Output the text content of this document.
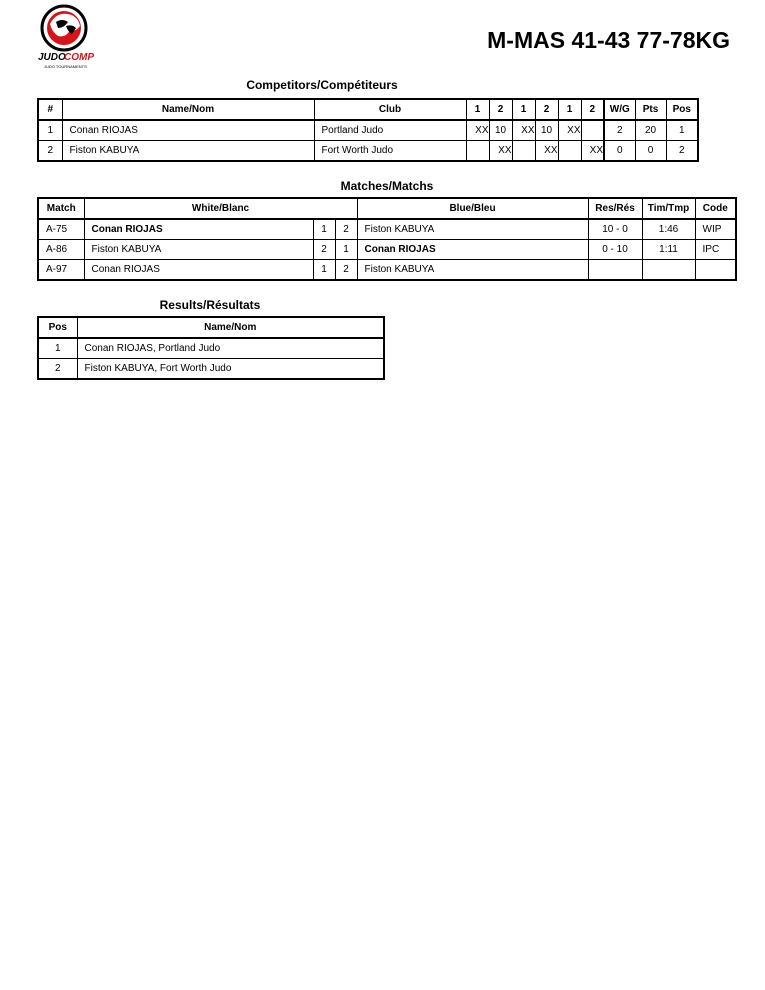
JUDO
COMP
JUDO TOURNAMENTS
M-MAS 41-43 77-78KG
Competitors/Compétiteurs
#	Name/Nom	Club	1	2	1	2	1	2	W/G	Pts	Pos
1	Conan RIOJAS	Portland Judo	XX	10	XX	10	XX		2	20	1
2	Fiston KABUYA	Fort Worth Judo		XX		XX		XX	0	0	2
Matches/Matchs
Match	White/Blanc			Blue/Bleu	Res/Rés	Tim/Tmp	Code
A-75	Conan RIOJAS	1	2	Fiston KABUYA	10 - 0	1:46	WIP
A-86	Fiston KABUYA	2	1	Conan RIOJAS	0 - 10	1:11	IPC
A-97	Conan RIOJAS	1	2	Fiston KABUYA			
Results/Résultats
Pos	Name/Nom
1	Conan RIOJAS, Portland Judo
2	Fiston KABUYA, Fort Worth Judo
